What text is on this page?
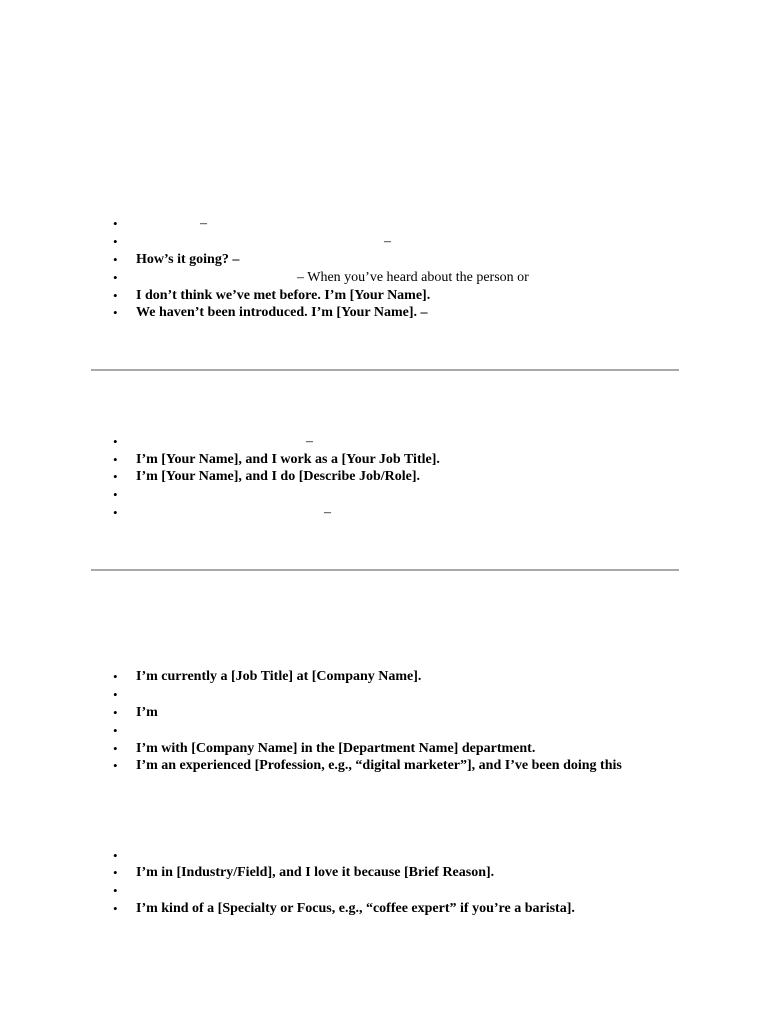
•	–
•	–
• How’s it going? –
•	– When you’ve heard about the person or
• I don’t think we’ve met before. I’m [Your Name].
• We haven’t been introduced. I’m [Your Name]. –
•	–
• I’m [Your Name], and I work as a [Your Job Title].
• I’m [Your Name], and I do [Describe Job/Role].
•
•	–
• I’m currently a [Job Title] at [Company Name].
•
• I’m
•
• I’m with [Company Name] in the [Department Name] department.
• I’m an experienced [Profession, e.g., “digital marketer”], and I’ve been doing this
•
• I’m in [Industry/Field], and I love it because [Brief Reason].
•
• I’m kind of a [Specialty or Focus, e.g., “coffee expert” if you’re a barista].
